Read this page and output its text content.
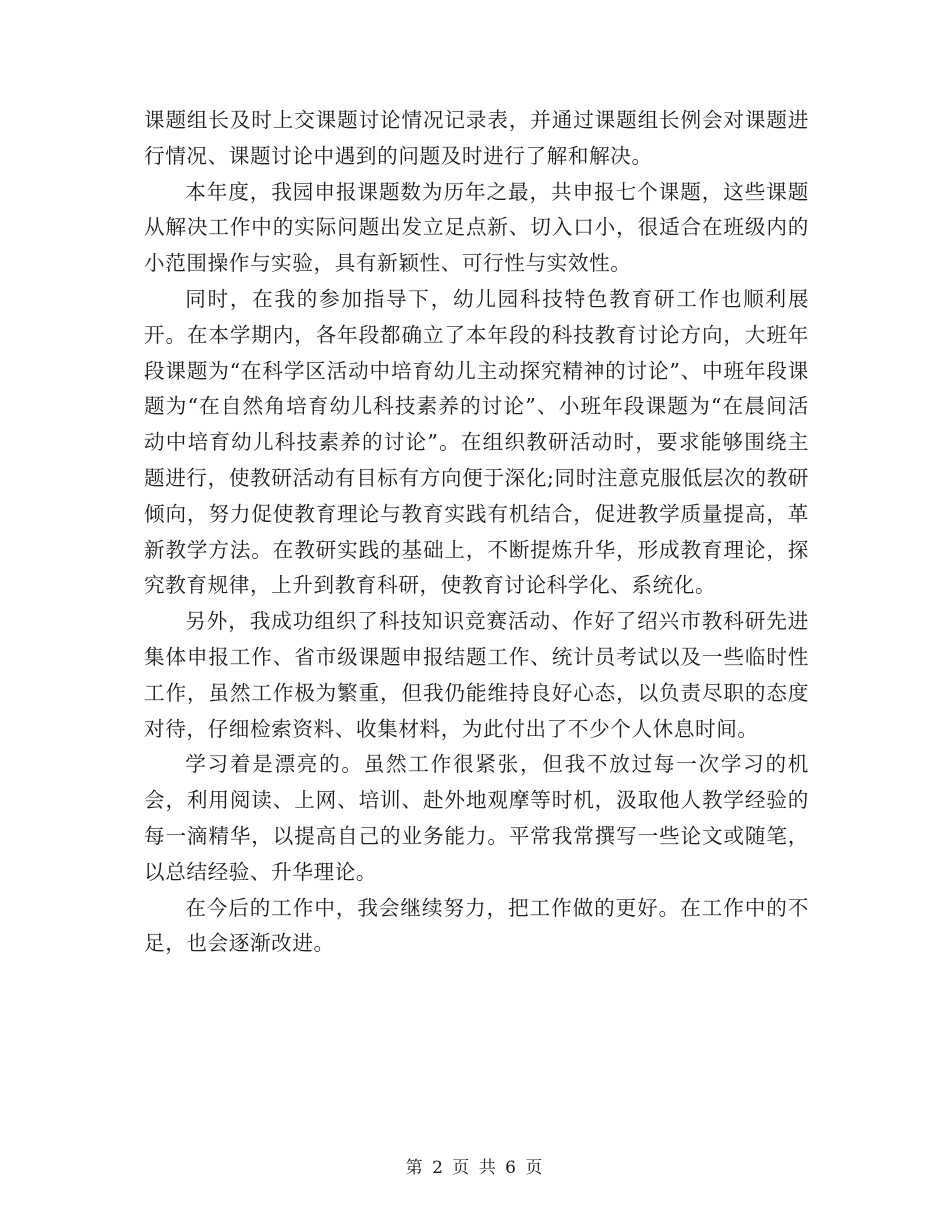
课题组长及时上交课题讨论情况记录表，并通过课题组长例会对课题进行情况、课题讨论中遇到的问题及时进行了解和解决。

本年度，我园申报课题数为历年之最，共申报七个课题，这些课题从解决工作中的实际问题出发立足点新、切入口小，很适合在班级内的小范围操作与实验，具有新颖性、可行性与实效性。

同时，在我的参加指导下，幼儿园科技特色教育研工作也顺利展开。在本学期内，各年段都确立了本年段的科技教育讨论方向，大班年段课题为“在科学区活动中培育幼儿主动探究精神的讨论”、中班年段课题为“在自然角培育幼儿科技素养的讨论”、小班年段课题为“在晨间活动中培育幼儿科技素养的讨论”。在组织教研活动时，要求能够围绕主题进行，使教研活动有目标有方向便于深化;同时注意克服低层次的教研倾向，努力促使教育理论与教育实践有机结合，促进教学质量提高，革新教学方法。在教研实践的基础上，不断提炼升华，形成教育理论，探究教育规律，上升到教育科研，使教育讨论科学化、系统化。

另外，我成功组织了科技知识竞赛活动、作好了绍兴市教科研先进集体申报工作、省市级课题申报结题工作、统计员考试以及一些临时性工作，虽然工作极为繁重，但我仍能维持良好心态，以负责尽职的态度对待，仔细检索资料、收集材料，为此付出了不少个人休息时间。

学习着是漂亮的。虽然工作很紧张，但我不放过每一次学习的机会，利用阅读、上网、培训、赴外地观摩等时机，汲取他人教学经验的每一滴精华，以提高自己的业务能力。平常我常撰写一些论文或随笔，以总结经验、升华理论。

在今后的工作中，我会继续努力，把工作做的更好。在工作中的不足，也会逐渐改进。

第 2 页 共 6 页
